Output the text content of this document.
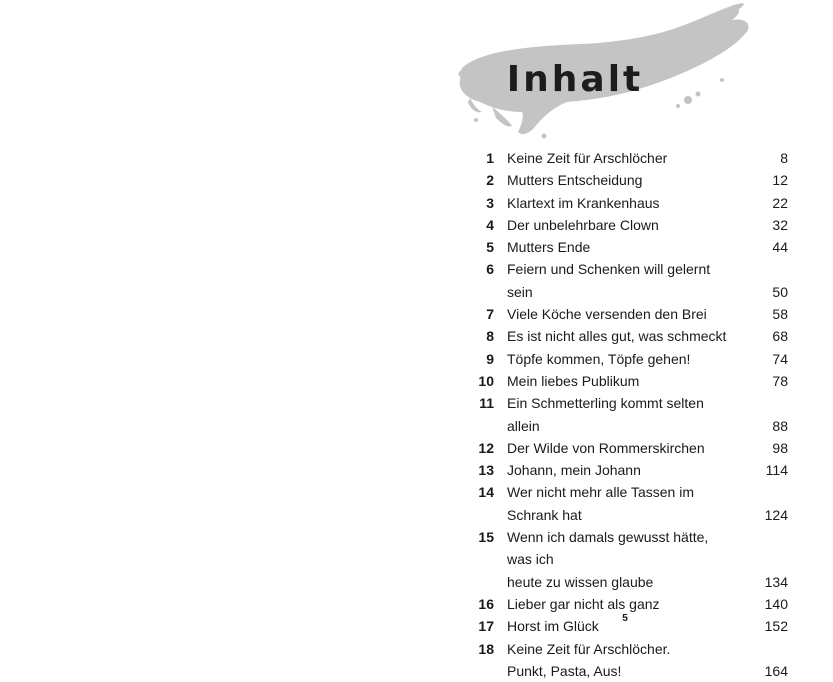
Inhalt
1 Keine Zeit für Arschlöcher	8
2 Mutters Entscheidung	12
3 Klartext im Krankenhaus	22
4 Der unbelehrbare Clown	32
5 Mutters Ende	44
6 Feiern und Schenken will gelernt sein	50
7 Viele Köche versenden den Brei	58
8 Es ist nicht alles gut, was schmeckt	68
9 Töpfe kommen, Töpfe gehen!	74
10 Mein liebes Publikum	78
11 Ein Schmetterling kommt selten allein	88
12 Der Wilde von Rommerskirchen	98
13 Johann, mein Johann	114
14 Wer nicht mehr alle Tassen im Schrank hat	124
15 Wenn ich damals gewusst hätte, was ich
heute zu wissen glaube	134
16 Lieber gar nicht als ganz	140
17 Horst im Glück	152
18 Keine Zeit für Arschlöcher.
Punkt, Pasta, Aus!	164
5
